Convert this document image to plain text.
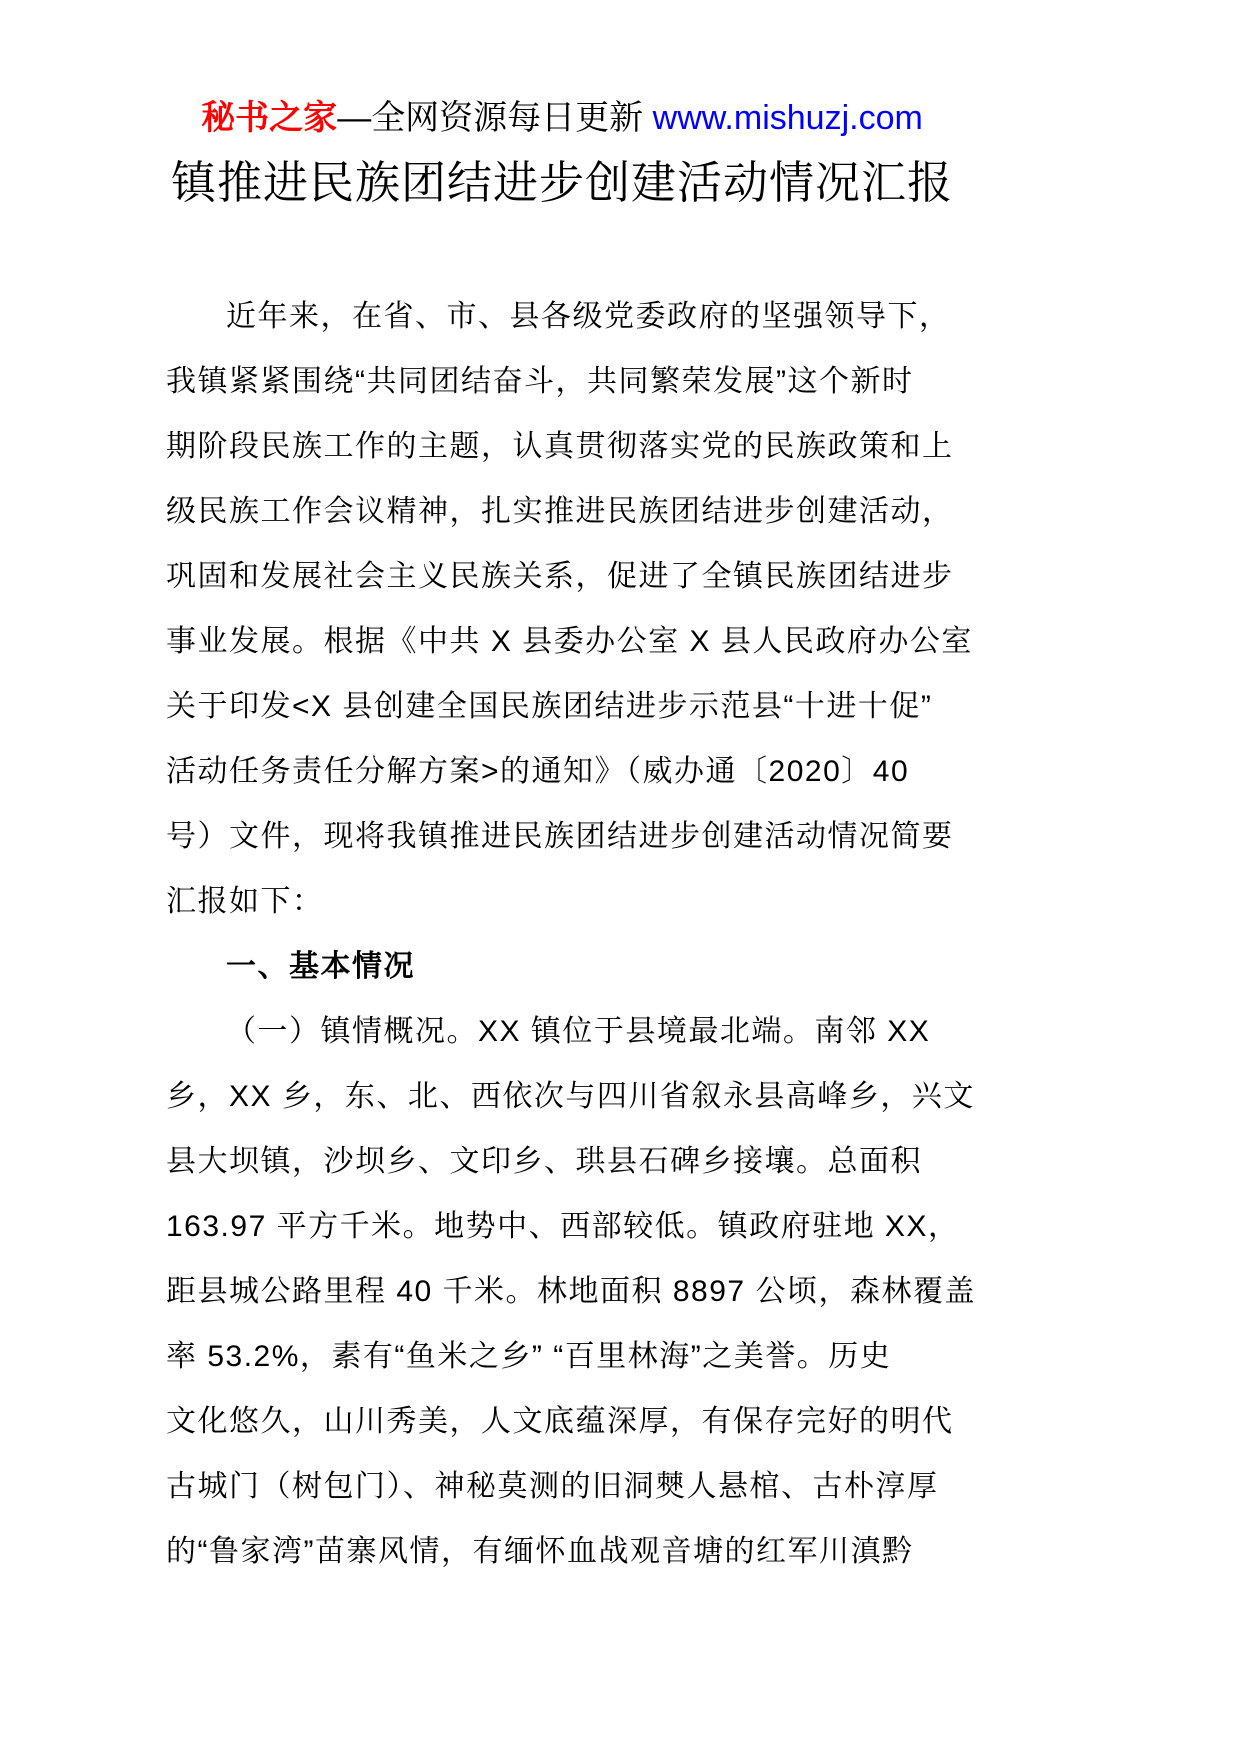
秘书之家—全网资源每日更新 www.mishuzj.com
镇推进民族团结进步创建活动情况汇报
近年来，在省、市、县各级党委政府的坚强领导下，
我镇紧紧围绕“共同团结奋斗，共同繁荣发展”这个新时
期阶段民族工作的主题，认真贯彻落实党的民族政策和上
级民族工作会议精神，扎实推进民族团结进步创建活动，
巩固和发展社会主义民族关系，促进了全镇民族团结进步
事业发展。根据《中共 X 县委办公室 X 县人民政府办公室
关于印发<X 县创建全国民族团结进步示范县“十进十促”
活动任务责任分解方案>的通知》（威办通〔2020〕40
号）文件，现将我镇推进民族团结进步创建活动情况简要
汇报如下：
一、基本情况
（一）镇情概况。XX 镇位于县境最北端。南邻 XX
乡，XX 乡，东、北、西依次与四川省叙永县高峰乡，兴文
县大坝镇，沙坝乡、文印乡、珙县石碑乡接壤。总面积
163.97 平方千米。地势中、西部较低。镇政府驻地 XX，
距县城公路里程 40 千米。林地面积 8897 公顷，森林覆盖
率 53.2%，素有“鱼米之乡” “百里林海”之美誉。历史
文化悠久，山川秀美，人文底蕴深厚，有保存完好的明代
古城门（树包门）、神秘莫测的旧洞僰人悬棺、古朴淳厚
的“鲁家湾”苗寨风情，有缅怀血战观音塘的红军川滇黔
